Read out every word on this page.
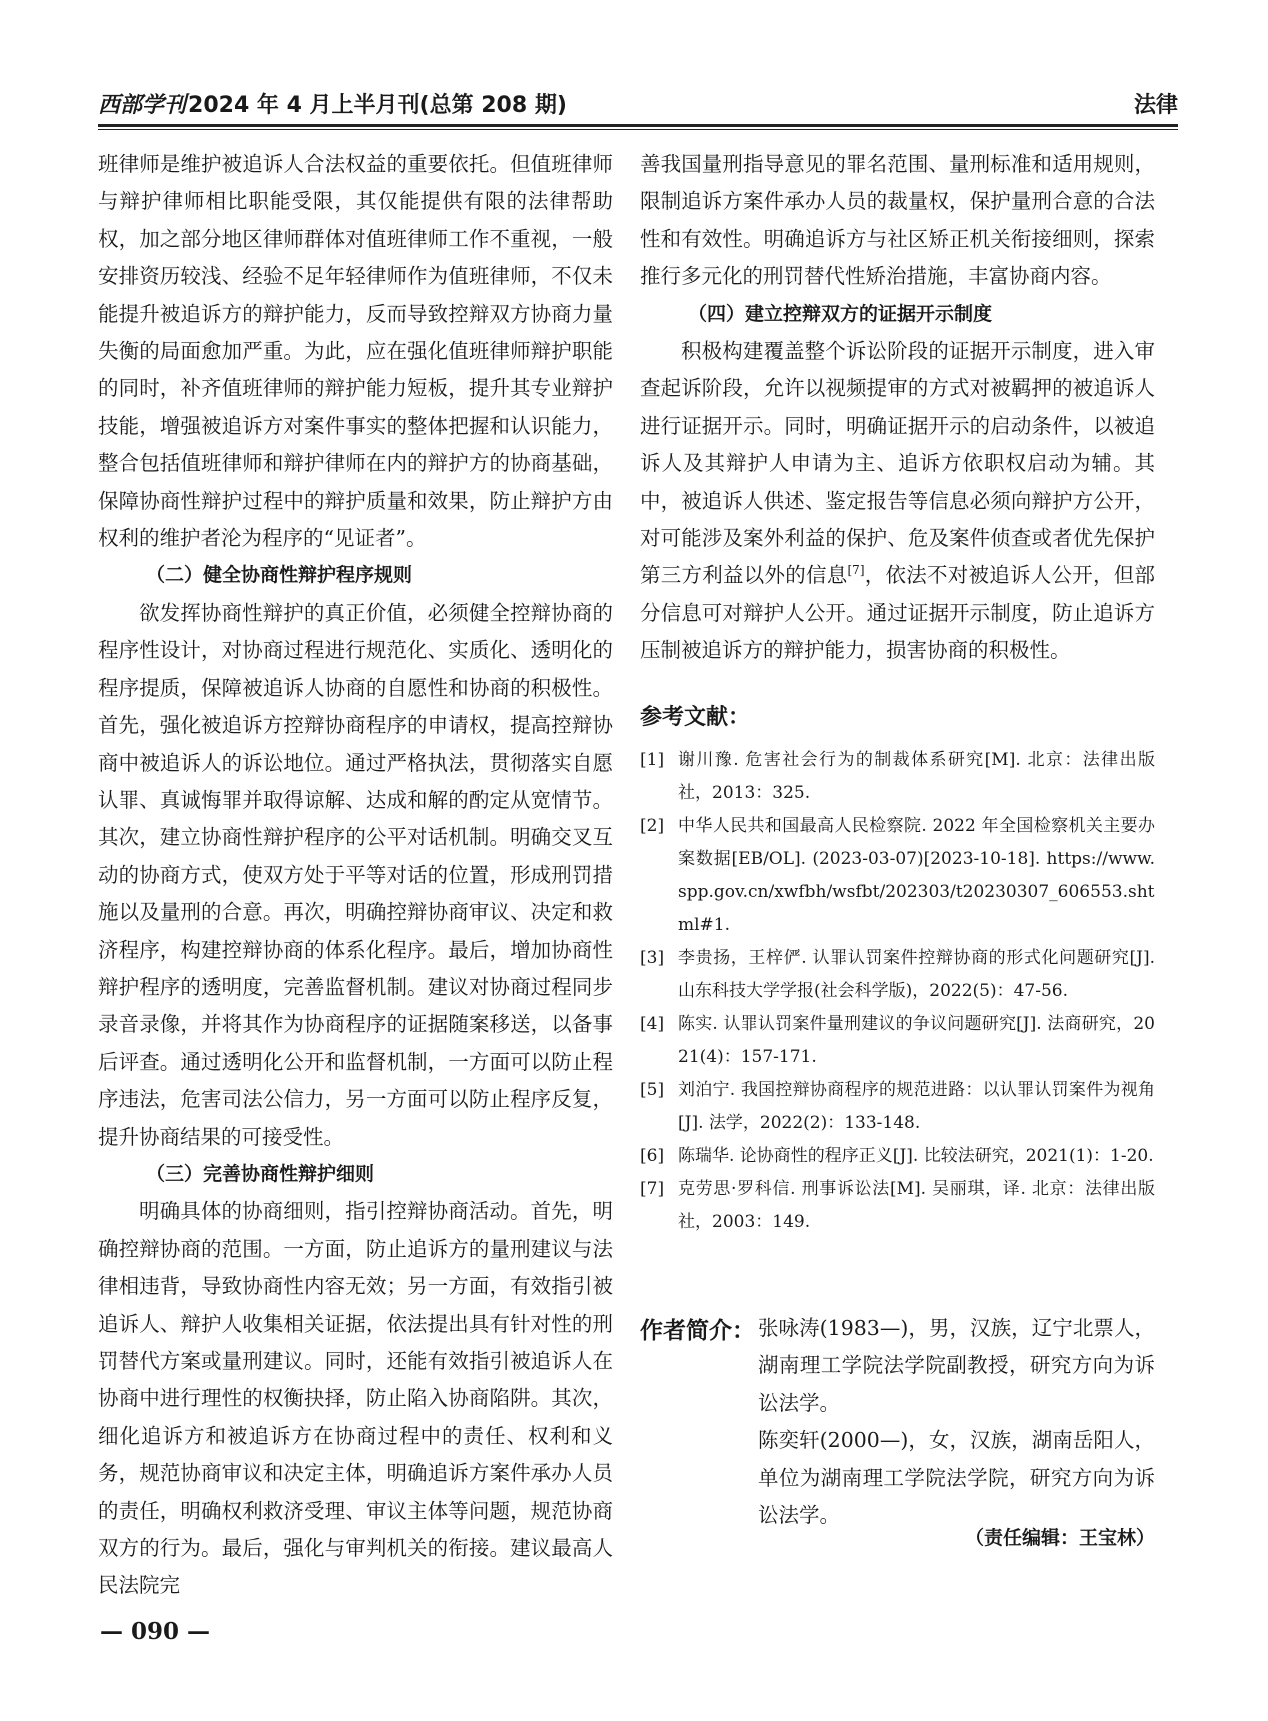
西部学刊2024 年 4 月上半月刊(总第 208 期)	法律

班律师是维护被追诉人合法权益的重要依托。但值班律师与辩护律师相比职能受限，其仅能提供有限的法律帮助权，加之部分地区律师群体对值班律师工作不重视，一般安排资历较浅、经验不足年轻律师作为值班律师，不仅未能提升被追诉方的辩护能力，反而导致控辩双方协商力量失衡的局面愈加严重。为此，应在强化值班律师辩护职能的同时，补齐值班律师的辩护能力短板，提升其专业辩护技能，增强被追诉方对案件事实的整体把握和认识能力，整合包括值班律师和辩护律师在内的辩护方的协商基础，保障协商性辩护过程中的辩护质量和效果，防止辩护方由权利的维护者沦为程序的“见证者”。

（二）健全协商性辩护程序规则

欲发挥协商性辩护的真正价值，必须健全控辩协商的程序性设计，对协商过程进行规范化、实质化、透明化的程序提质，保障被追诉人协商的自愿性和协商的积极性。首先，强化被追诉方控辩协商程序的申请权，提高控辩协商中被追诉人的诉讼地位。通过严格执法，贯彻落实自愿认罪、真诚悔罪并取得谅解、达成和解的酌定从宽情节。其次，建立协商性辩护程序的公平对话机制。明确交叉互动的协商方式，使双方处于平等对话的位置，形成刑罚措施以及量刑的合意。再次，明确控辩协商审议、决定和救济程序，构建控辩协商的体系化程序。最后，增加协商性辩护程序的透明度，完善监督机制。建议对协商过程同步录音录像，并将其作为协商程序的证据随案移送，以备事后评查。通过透明化公开和监督机制，一方面可以防止程序违法，危害司法公信力，另一方面可以防止程序反复，提升协商结果的可接受性。

（三）完善协商性辩护细则

明确具体的协商细则，指引控辩协商活动。首先，明确控辩协商的范围。一方面，防止追诉方的量刑建议与法律相违背，导致协商性内容无效；另一方面，有效指引被追诉人、辩护人收集相关证据，依法提出具有针对性的刑罚替代方案或量刑建议。同时，还能有效指引被追诉人在协商中进行理性的权衡抉择，防止陷入协商陷阱。其次，细化追诉方和被追诉方在协商过程中的责任、权利和义务，规范协商审议和决定主体，明确追诉方案件承办人员的责任，明确权利救济受理、审议主体等问题，规范协商双方的行为。最后，强化与审判机关的衔接。建议最高人民法院完

善我国量刑指导意见的罪名范围、量刑标准和适用规则，限制追诉方案件承办人员的裁量权，保护量刑合意的合法性和有效性。明确追诉方与社区矫正机关衔接细则，探索推行多元化的刑罚替代性矫治措施，丰富协商内容。

（四）建立控辩双方的证据开示制度

积极构建覆盖整个诉讼阶段的证据开示制度，进入审查起诉阶段，允许以视频提审的方式对被羁押的被追诉人进行证据开示。同时，明确证据开示的启动条件，以被追诉人及其辩护人申请为主、追诉方依职权启动为辅。其中，被追诉人供述、鉴定报告等信息必须向辩护方公开，对可能涉及案外利益的保护、危及案件侦查或者优先保护第三方利益以外的信息[7]，依法不对被追诉人公开，但部分信息可对辩护人公开。通过证据开示制度，防止追诉方压制被追诉方的辩护能力，损害协商的积极性。

参考文献：
[1] 谢川豫. 危害社会行为的制裁体系研究[M]. 北京：法律出版社，2013：325.
[2] 中华人民共和国最高人民检察院. 2022 年全国检察机关主要办案数据[EB/OL]. (2023-03-07)[2023-10-18]. https://www.spp.gov.cn/xwfbh/wsfbt/202303/t20230307_606553.shtml#1.
[3] 李贵扬，王梓俨. 认罪认罚案件控辩协商的形式化问题研究[J]. 山东科技大学学报(社会科学版)，2022(5)：47-56.
[4] 陈实. 认罪认罚案件量刑建议的争议问题研究[J]. 法商研究，2021(4)：157-171.
[5] 刘泊宁. 我国控辩协商程序的规范进路：以认罪认罚案件为视角[J]. 法学，2022(2)：133-148.
[6] 陈瑞华. 论协商性的程序正义[J]. 比较法研究，2021(1)：1-20.
[7] 克劳思·罗科信. 刑事诉讼法[M]. 吴丽琪，译. 北京：法律出版社，2003：149.
作者简介： 张咏涛(1983—)，男，汉族，辽宁北票人，湖南理工学院法学院副教授，研究方向为诉讼法学。

陈奕轩(2000—)，女，汉族，湖南岳阳人，单位为湖南理工学院法学院，研究方向为诉讼法学。

（责任编辑：王宝林）
— 090 —
